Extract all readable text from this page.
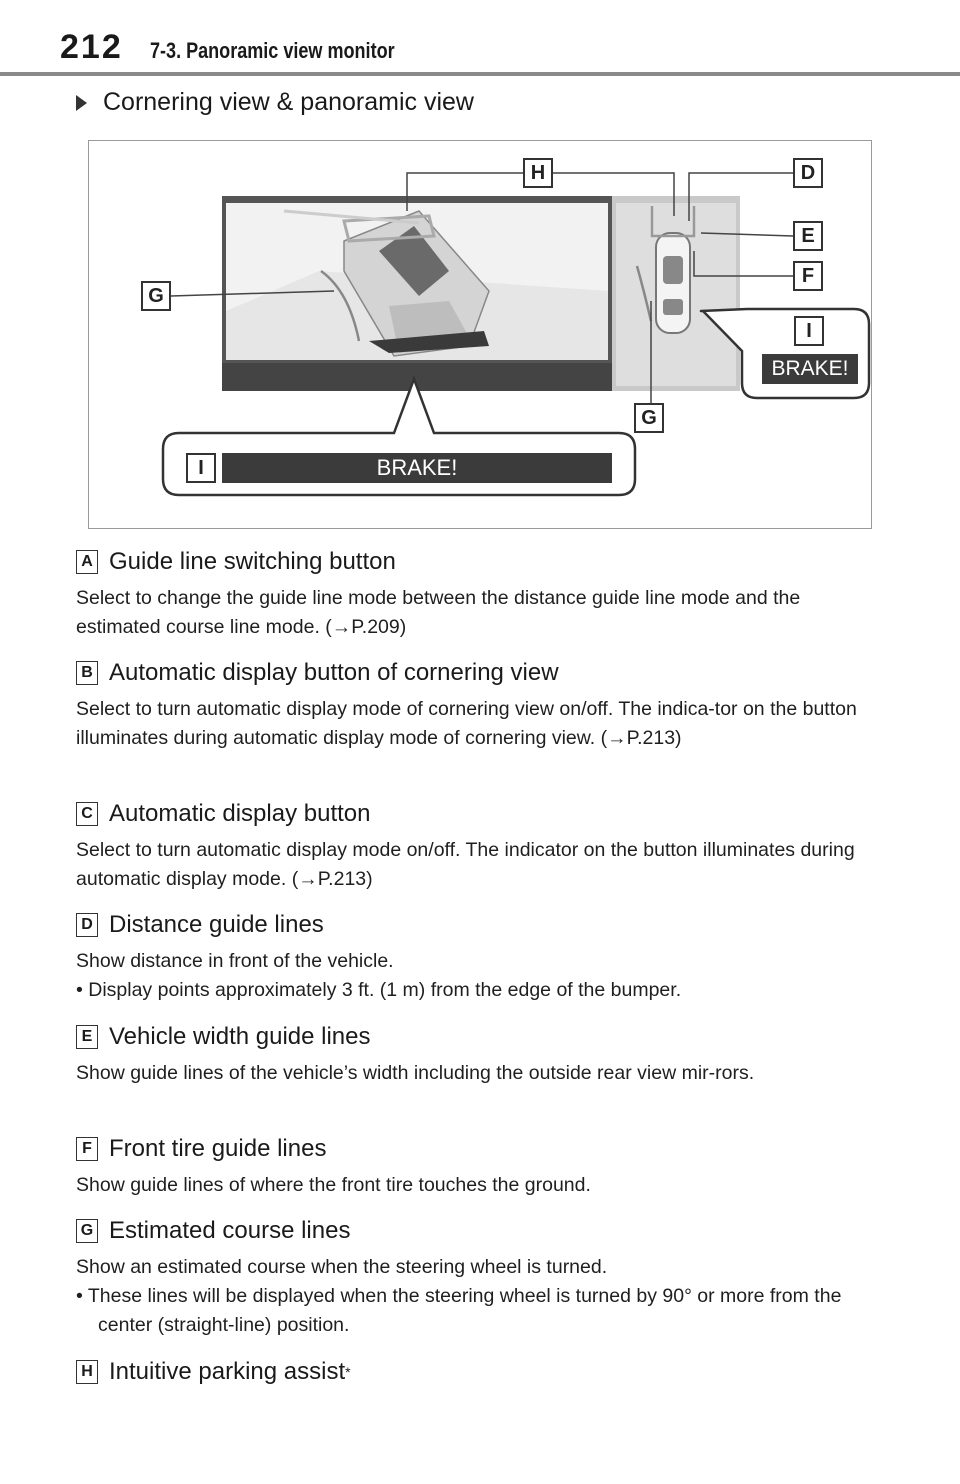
212 7-3. Panoramic view monitor
Cornering view & panoramic view
BRAKE!
BRAKE!
H	D
E
F
G
G
I
I
A Guide line switching button
Select to change the guide line mode between the distance guide line mode and the estimated course line mode. (→P.209)
B Automatic display button of cornering view
Select to turn automatic display mode of cornering view on/off. The indica-tor on the button illuminates during automatic display mode of cornering view. (→P.213)
C Automatic display button
Select to turn automatic display mode on/off. The indicator on the button illuminates during automatic display mode. (→P.213)
D Distance guide lines
Show distance in front of the vehicle.
• Display points approximately 3 ft. (1 m) from the edge of the bumper.
E Vehicle width guide lines
Show guide lines of the vehicle’s width including the outside rear view mir-rors.
F Front tire guide lines
Show guide lines of where the front tire touches the ground.
G Estimated course lines
Show an estimated course when the steering wheel is turned.
• These lines will be displayed when the steering wheel is turned by 90° or more from the center (straight-line) position.
H Intuitive parking assist *
